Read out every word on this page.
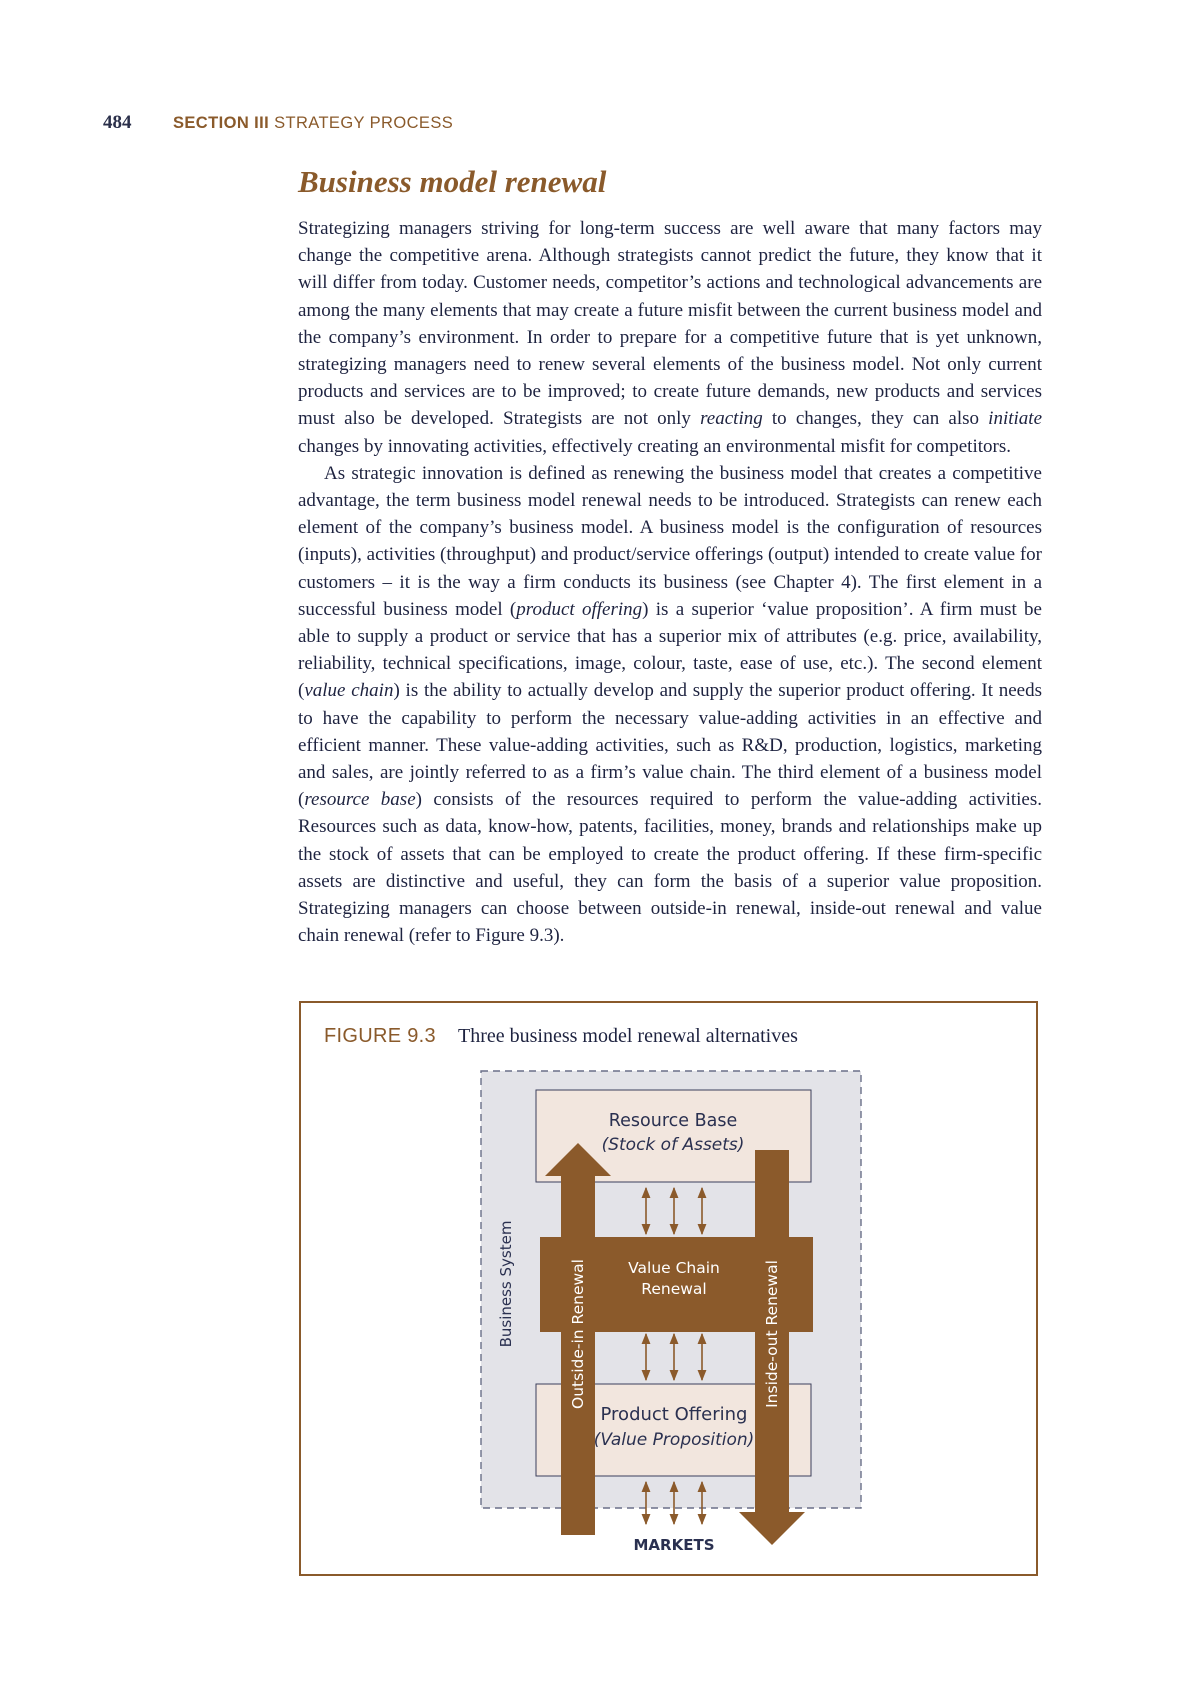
484	SECTION III STRATEGY PROCESS
Business model renewal

Strategizing managers striving for long-term success are well aware that many factors may change the competitive arena. Although strategists cannot predict the future, they know that it will differ from today. Customer needs, competitor’s actions and technological advancements are among the many elements that may create a future misfit between the current business model and the company’s environment. In order to prepare for a competitive future that is yet unknown, strategizing managers need to renew several elements of the business model. Not only current products and services are to be improved; to create future demands, new products and services must also be developed. Strategists are not only reacting to changes, they can also initiate changes by innovating activities, effectively creating an environmental misfit for competitors.

As strategic innovation is defined as renewing the business model that creates a competitive advantage, the term business model renewal needs to be introduced. Strategists can renew each element of the company’s business model. A business model is the configuration of resources (inputs), activities (throughput) and product/service offerings (output) intended to create value for customers – it is the way a firm conducts its business (see Chapter 4). The first element in a successful business model (product offering) is a superior ‘value proposition’. A firm must be able to supply a product or service that has a superior mix of attributes (e.g. price, availability, reliability, technical specifications, image, colour, taste, ease of use, etc.). The second element (value chain) is the ability to actually develop and supply the superior product offering. It needs to have the capability to perform the necessary value-adding activities in an effective and efficient manner. These value-adding activities, such as R&D, production, logistics, marketing and sales, are jointly referred to as a firm’s value chain. The third element of a business model (resource base) consists of the resources required to perform the value-adding activities. Resources such as data, know-how, patents, facilities, money, brands and relationships make up the stock of assets that can be employed to create the product offering. If these firm-specific assets are distinctive and useful, they can form the basis of a superior value proposition. Strategizing managers can choose between outside-in renewal, inside-out renewal and value chain renewal (refer to Figure 9.3).

FIGURE 9.3 Three business model renewal alternatives
Resource Base
(Stock of Assets)
Value Chain
Renewal
Product Offering
(Value Proposition)
Business System	Outside-in Renewal	Inside-out Renewal
MARKETS
